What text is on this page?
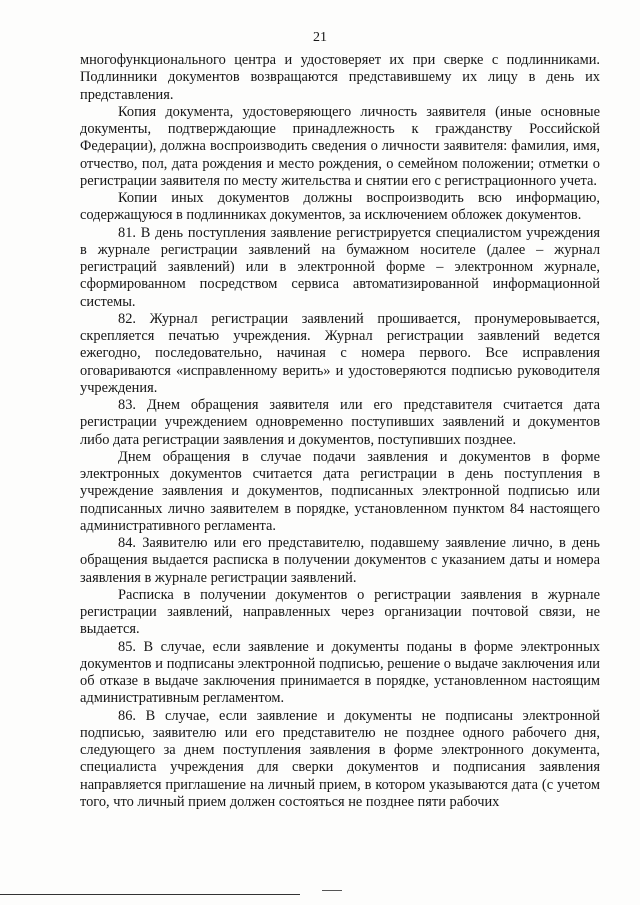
21

многофункционального центра и удостоверяет их при сверке с подлинниками. Подлинники документов возвращаются представившему их лицу в день их представления.

Копия документа, удостоверяющего личность заявителя (иные основные документы, подтверждающие принадлежность к гражданству Российской Федерации), должна воспроизводить сведения о личности заявителя: фамилия, имя, отчество, пол, дата рождения и место рождения, о семейном положении; отметки о регистрации заявителя по месту жительства и снятии его с регистрационного учета.

Копии иных документов должны воспроизводить всю информацию, содержащуюся в подлинниках документов, за исключением обложек документов.

81. В день поступления заявление регистрируется специалистом учреждения в журнале регистрации заявлений на бумажном носителе (далее – журнал регистраций заявлений) или в электронной форме – электронном журнале, сформированном посредством сервиса автоматизированной информационной системы.

82. Журнал регистрации заявлений прошивается, пронумеровывается, скрепляется печатью учреждения. Журнал регистрации заявлений ведется ежегодно, последовательно, начиная с номера первого. Все исправления оговариваются «исправленному верить» и удостоверяются подписью руководителя учреждения.

83. Днем обращения заявителя или его представителя считается дата регистрации учреждением одновременно поступивших заявлений и документов либо дата регистрации заявления и документов, поступивших позднее.

Днем обращения в случае подачи заявления и документов в форме электронных документов считается дата регистрации в день поступления в учреждение заявления и документов, подписанных электронной подписью или подписанных лично заявителем в порядке, установленном пунктом 84 настоящего административного регламента.

84. Заявителю или его представителю, подавшему заявление лично, в день обращения выдается расписка в получении документов с указанием даты и номера заявления в журнале регистрации заявлений.

Расписка в получении документов о регистрации заявления в журнале регистрации заявлений, направленных через организации почтовой связи, не выдается.

85. В случае, если заявление и документы поданы в форме электронных документов и подписаны электронной подписью, решение о выдаче заключения или об отказе в выдаче заключения принимается в порядке, установленном настоящим административным регламентом.

86. В случае, если заявление и документы не подписаны электронной подписью, заявителю или его представителю не позднее одного рабочего дня, следующего за днем поступления заявления в форме электронного документа, специалиста учреждения для сверки документов и подписания заявления направляется приглашение на личный прием, в котором указываются дата (с учетом того, что личный прием должен состояться не позднее пяти рабочих
